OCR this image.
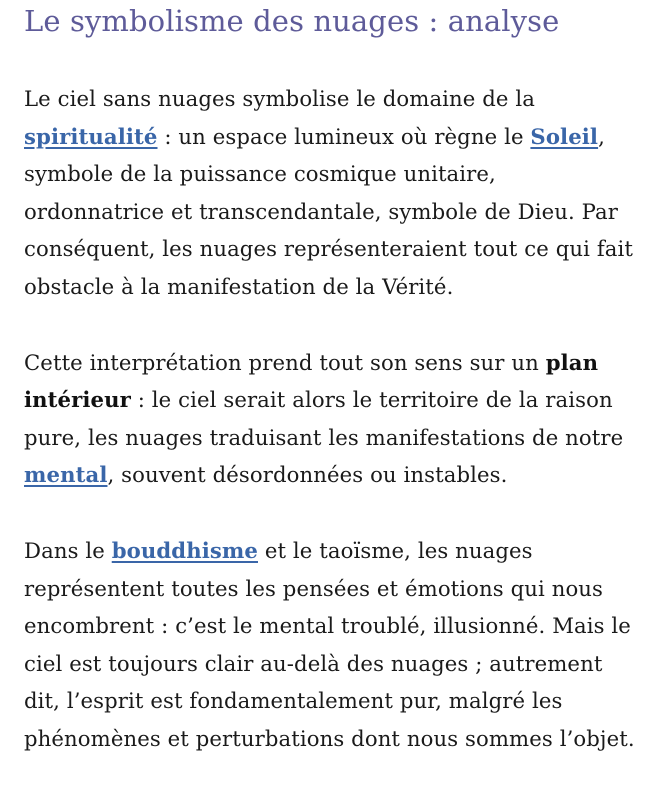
Le symbolisme des nuages : analyse

Le ciel sans nuages symbolise le domaine de la spiritualité : un espace lumineux où règne le Soleil, symbole de la puissance cosmique unitaire, ordonnatrice et transcendantale, symbole de Dieu. Par conséquent, les nuages représenteraient tout ce qui fait obstacle à la manifestation de la Vérité.

Cette interprétation prend tout son sens sur un plan intérieur : le ciel serait alors le territoire de la raison pure, les nuages traduisant les manifestations de notre mental, souvent désordonnées ou instables.

Dans le bouddhisme et le taoïsme, les nuages représentent toutes les pensées et émotions qui nous encombrent : c’est le mental troublé, illusionné. Mais le ciel est toujours clair au-delà des nuages ; autrement dit, l’esprit est fondamentalement pur, malgré les phénomènes et perturbations dont nous sommes l’objet.
